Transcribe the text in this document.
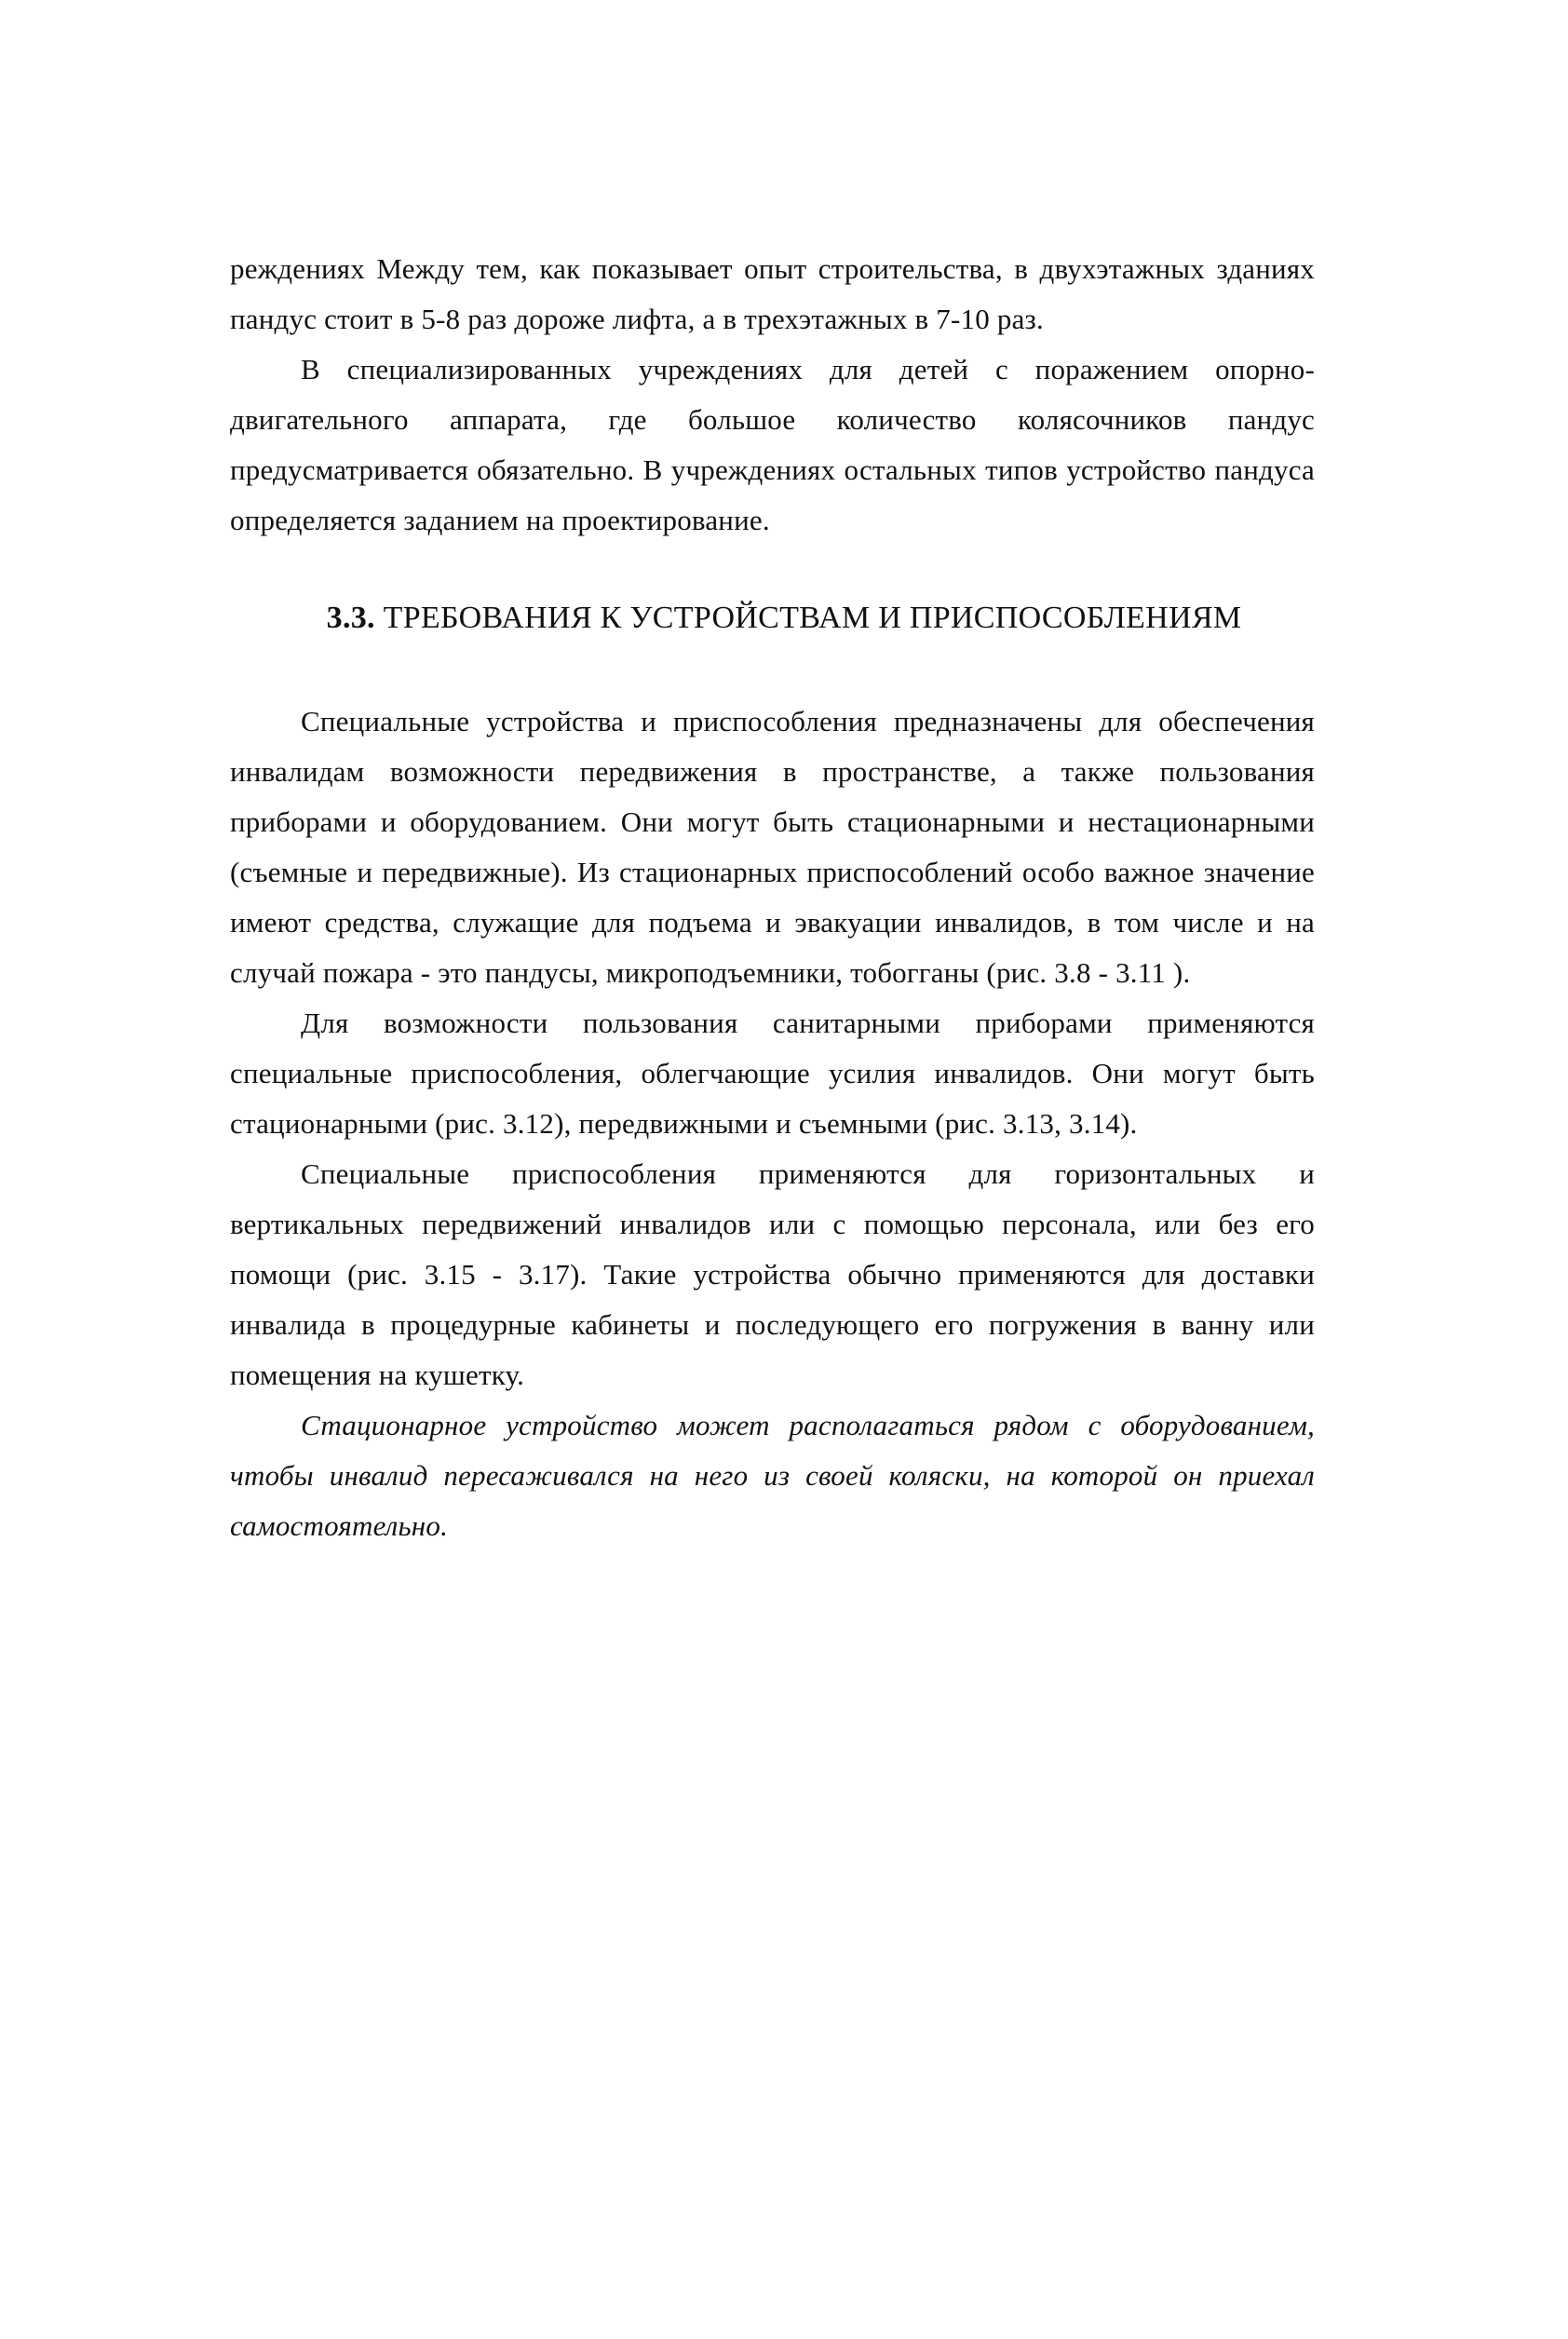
реждениях Между тем, как показывает опыт строительства, в двухэтажных зданиях пандус стоит в 5-8 раз дороже лифта, а в трехэтажных в 7-10 раз.

В специализированных учреждениях для детей с поражением опорно-двигательного аппарата, где большое количество колясочников пандус предусматривается обязательно. В учреждениях остальных типов устройство пандуса определяется заданием на проектирование.

3.3. ТРЕБОВАНИЯ К УСТРОЙСТВАМ И ПРИСПОСОБЛЕНИЯМ

Специальные устройства и приспособления предназначены для обеспечения инвалидам возможности передвижения в пространстве, а также пользования приборами и оборудованием. Они могут быть стационарными и нестационарными (съемные и передвижные). Из стационарных приспособлений особо важное значение имеют средства, служащие для подъема и эвакуации инвалидов, в том числе и на случай пожара - это пандусы, микроподъемники, тобогганы (рис. 3.8 - 3.11 ).

Для возможности пользования санитарными приборами применяются специальные приспособления, облегчающие усилия инвалидов. Они могут быть стационарными (рис. 3.12), передвижными и съемными (рис. 3.13, 3.14).

Специальные приспособления применяются для горизонтальных и вертикальных передвижений инвалидов или с помощью персонала, или без его помощи (рис. 3.15 - 3.17). Такие устройства обычно применяются для доставки инвалида в процедурные кабинеты и последующего его погружения в ванну или помещения на кушетку.

Стационарное устройство может располагаться рядом с оборудованием, чтобы инвалид пересаживался на него из своей коляски, на которой он приехал самостоятельно.
